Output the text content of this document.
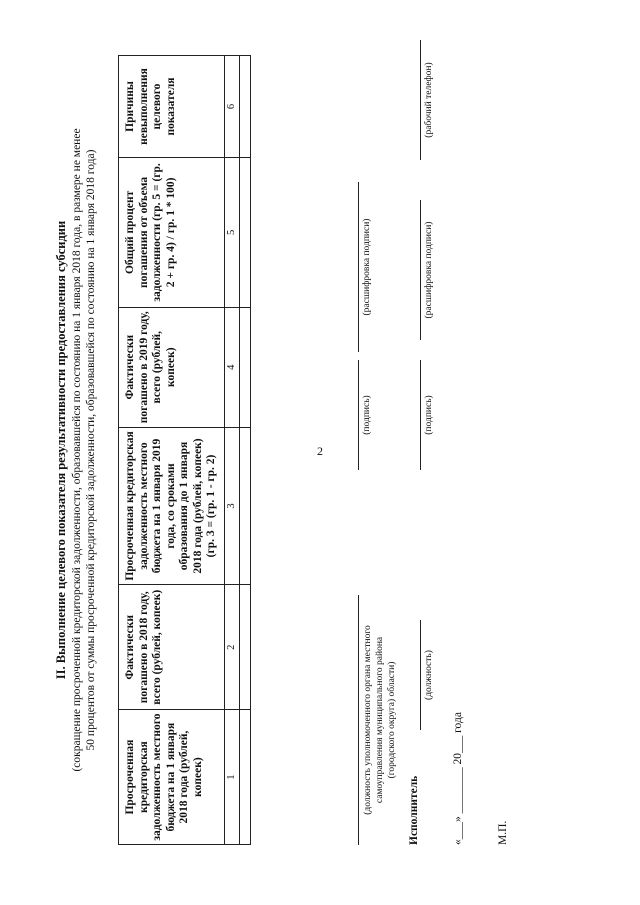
2
II. Выполнение целевого показателя результативности предоставления субсидии (сокращение просроченной кредиторской задолженности, образовавшейся по состоянию на 1 января 2018 года, в размере не менее 50 процентов от суммы просроченной кредиторской задолженности, образовавшейся по состоянию на 1 января 2018 года)
Просроченная кредиторская задолженность местного бюджета на 1 января 2018 года (рублей, копеек)	Фактически погашено в 2018 году, всего (рублей, копеек)	Просроченная кредиторская задолженность местного бюджета на 1 января 2019 года, со сроками образования до 1 января 2018 года (рублей, копеек) (гр. 3 = (гр. 1 - гр. 2)	Фактически погашено в 2019 году, всего (рублей, копеек)	Общий процент погашения от объема задолженности (гр. 5 = (гр. 2 + гр. 4) / гр. 1 * 100)	Причины невыполнения целевого показателя
1	2	3	4	5	6

(должность уполномоченного органа местного самоуправления муниципального района (городского округа) области)
(подпись)
(расшифровка подписи)
Исполнитель
(должность)
(подпись)
(расшифровка подписи)
(рабочий телефон)
«___» ________ 20___ года	М.П.
